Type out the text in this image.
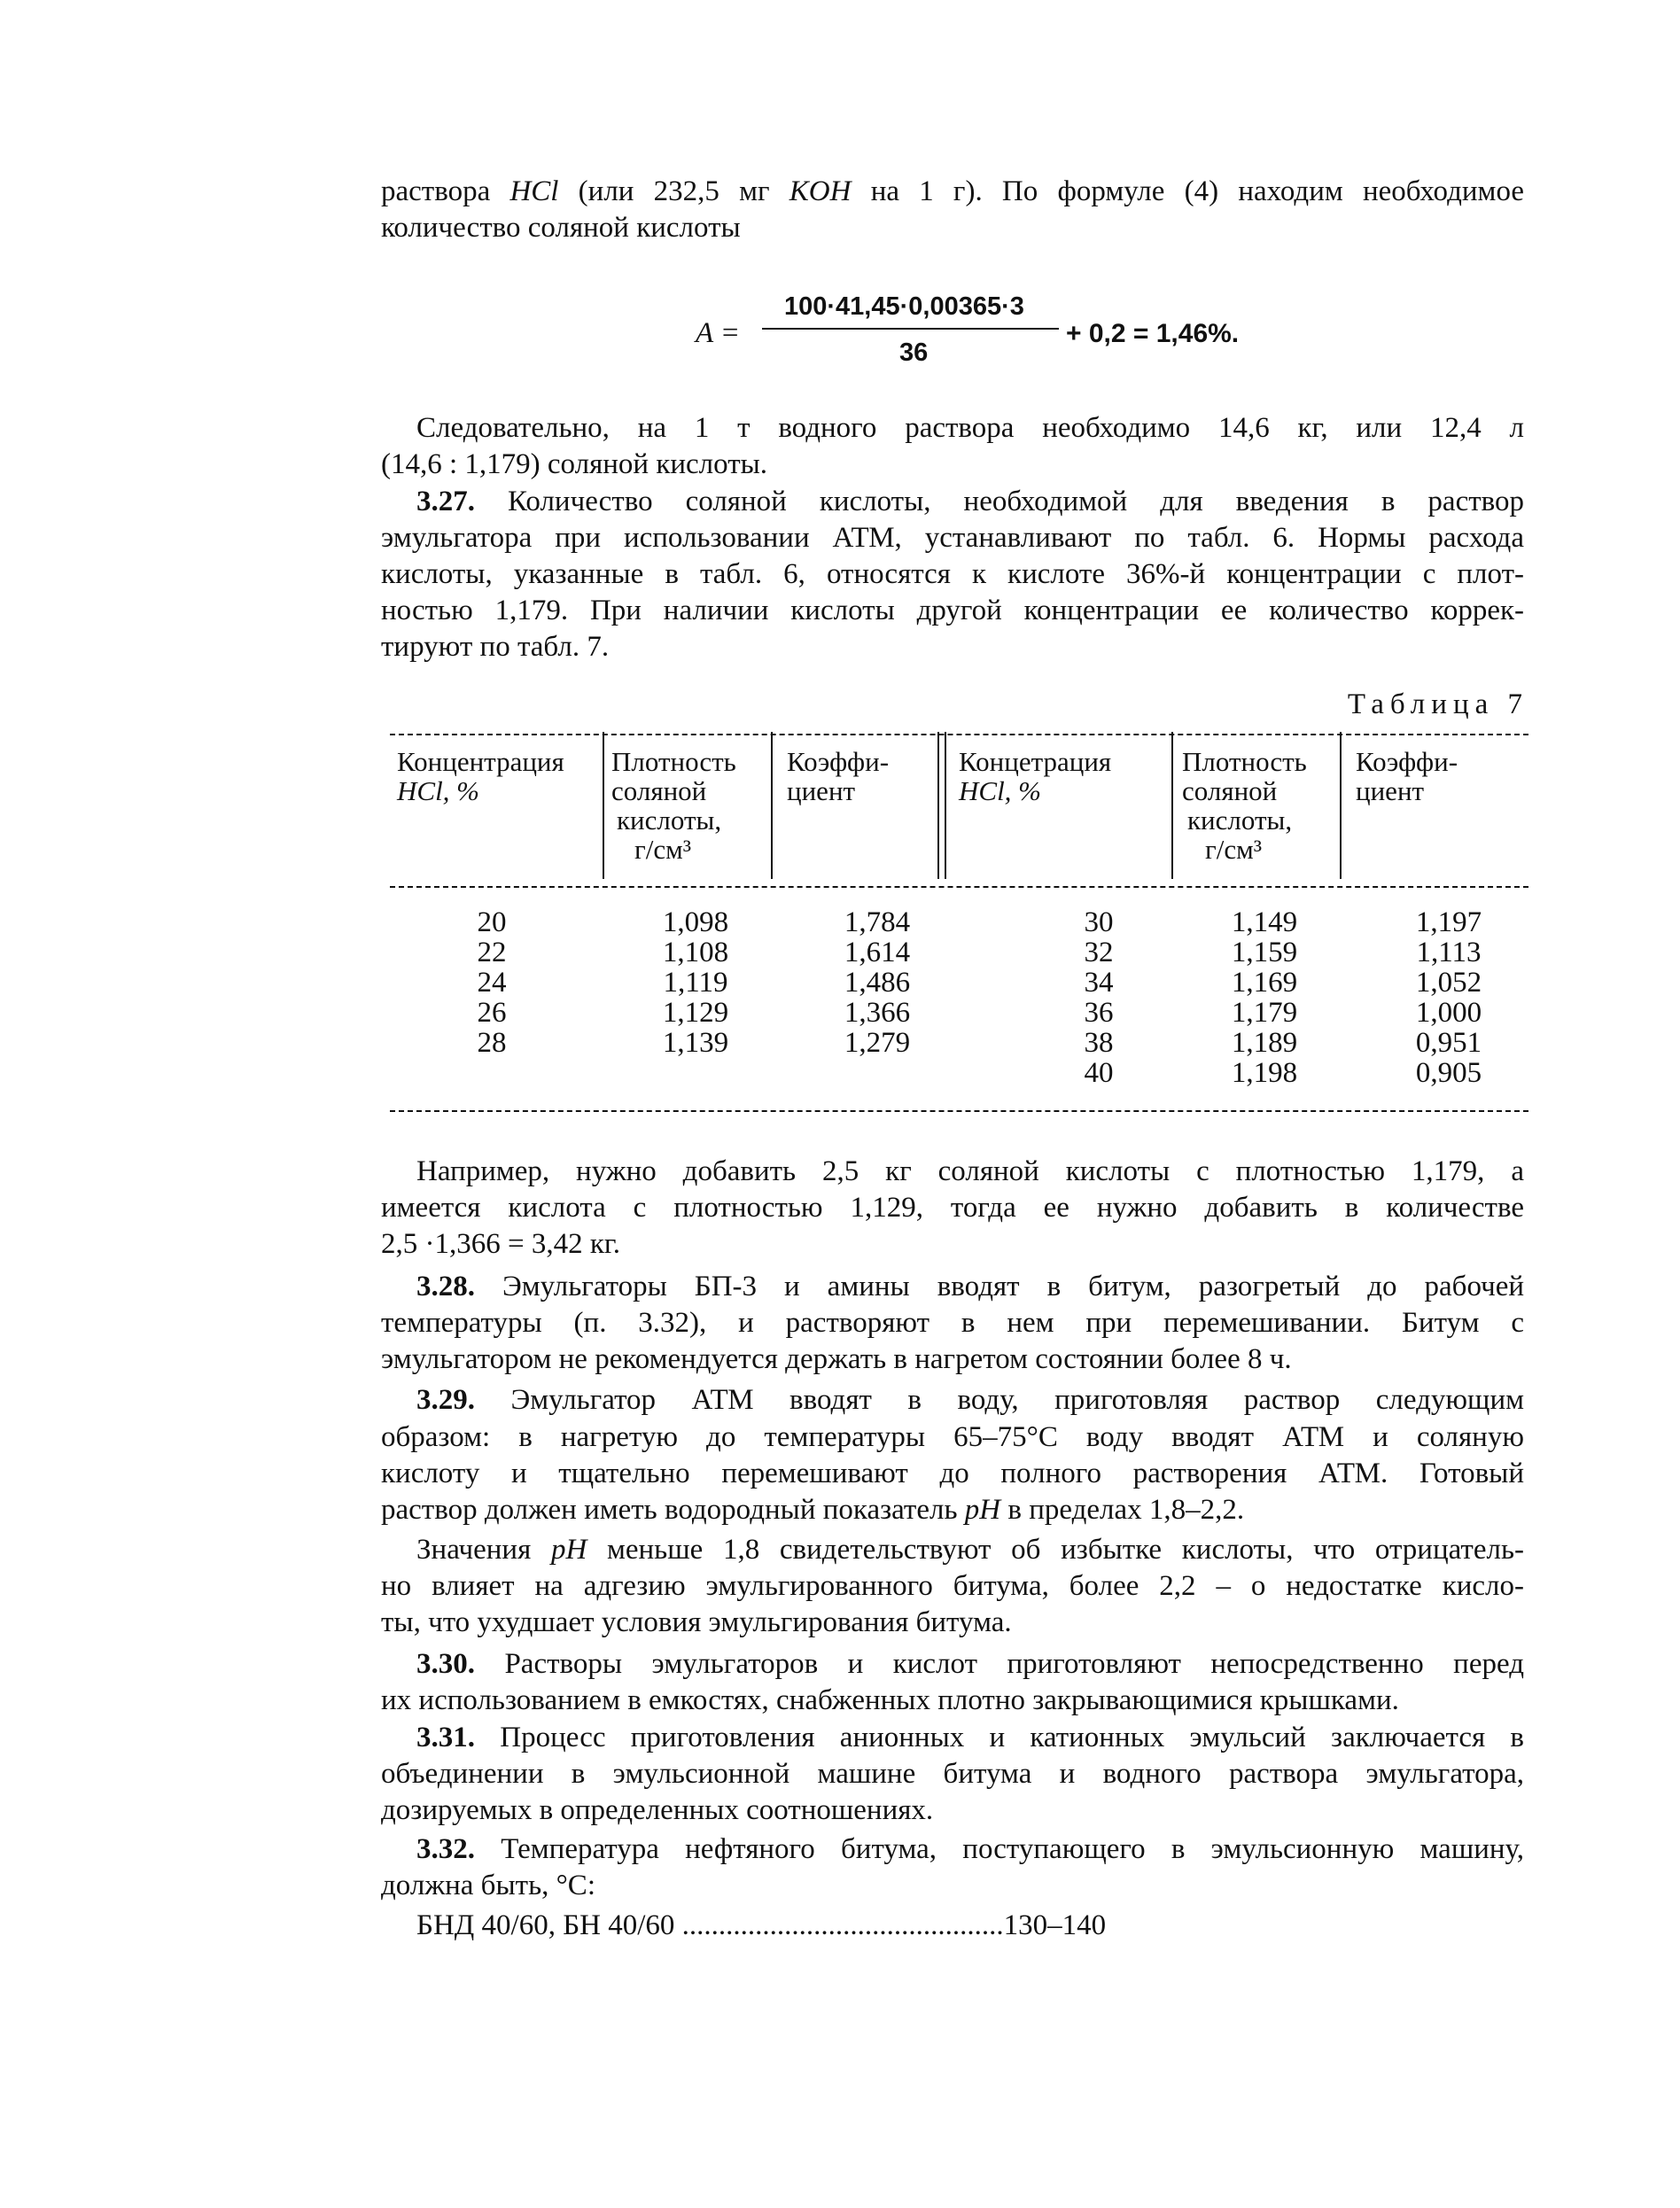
раствора HCl (или 232,5 мг KOH на 1 г). По формуле (4) находим необходимое
количество соляной кислоты
A =
100·41,45·0,00365·3
36
+ 0,2 = 1,46%.
Следовательно, на 1 т водного раствора необходимо 14,6 кг, или 12,4 л
(14,6 : 1,179) соляной кислоты.
3.27. Количество соляной кислоты, необходимой для введения в раствор
эмульгатора при использовании АТМ, устанавливают по табл. 6. Нормы расхода
кислоты, указанные в табл. 6, относятся к кислоте 36%-й концентрации с плот-
ностью 1,179. При наличии кислоты другой концентрации ее количество коррек-
тируют по табл. 7.
Таблица 7
Концентрация
HCl, %
Плотность
соляной
кислоты,
г/см³
Коэффи-
циент
Концетрация
HCl, %
Плотность
соляной
кислоты,
г/см³
Коэффи-
циент
20
22
24
26
28
1,098
1,108
1,119
1,129
1,139
1,784
1,614
1,486
1,366
1,279
30
32
34
36
38
40
1,149
1,159
1,169
1,179
1,189
1,198
1,197
1,113
1,052
1,000
0,951
0,905
Например, нужно добавить 2,5 кг соляной кислоты с плотностью 1,179, а
имеется кислота с плотностью 1,129, тогда ее нужно добавить в количестве
2,5 ·1,366 = 3,42 кг.
3.28. Эмульгаторы БП-3 и амины вводят в битум, разогретый до рабочей
температуры (п. 3.32), и растворяют в нем при перемешивании. Битум с
эмульгатором не рекомендуется держать в нагретом состоянии более 8 ч.
3.29. Эмульгатор АТМ вводят в воду, приготовляя раствор следующим
образом: в нагретую до температуры 65–75°С воду вводят АТМ и соляную
кислоту и тщательно перемешивают до полного растворения АТМ. Готовый
раствор должен иметь водородный показатель pH в пределах 1,8–2,2.
Значения pH меньше 1,8 свидетельствуют об избытке кислоты, что отрицатель-
но влияет на адгезию эмульгированного битума, более 2,2 – о недостатке кисло-
ты, что ухудшает условия эмульгирования битума.
3.30. Растворы эмульгаторов и кислот приготовляют непосредственно перед
их использованием в емкостях, снабженных плотно закрывающимися крышками.
3.31. Процесс приготовления анионных и катионных эмульсий заключается в
объединении в эмульсионной машине битума и водного раствора эмульгатора,
дозируемых в определенных соотношениях.
3.32. Температура нефтяного битума, поступающего в эмульсионную машину,
должна быть, °С:
БНД 40/60, БН 40/60 ............................................130–140
